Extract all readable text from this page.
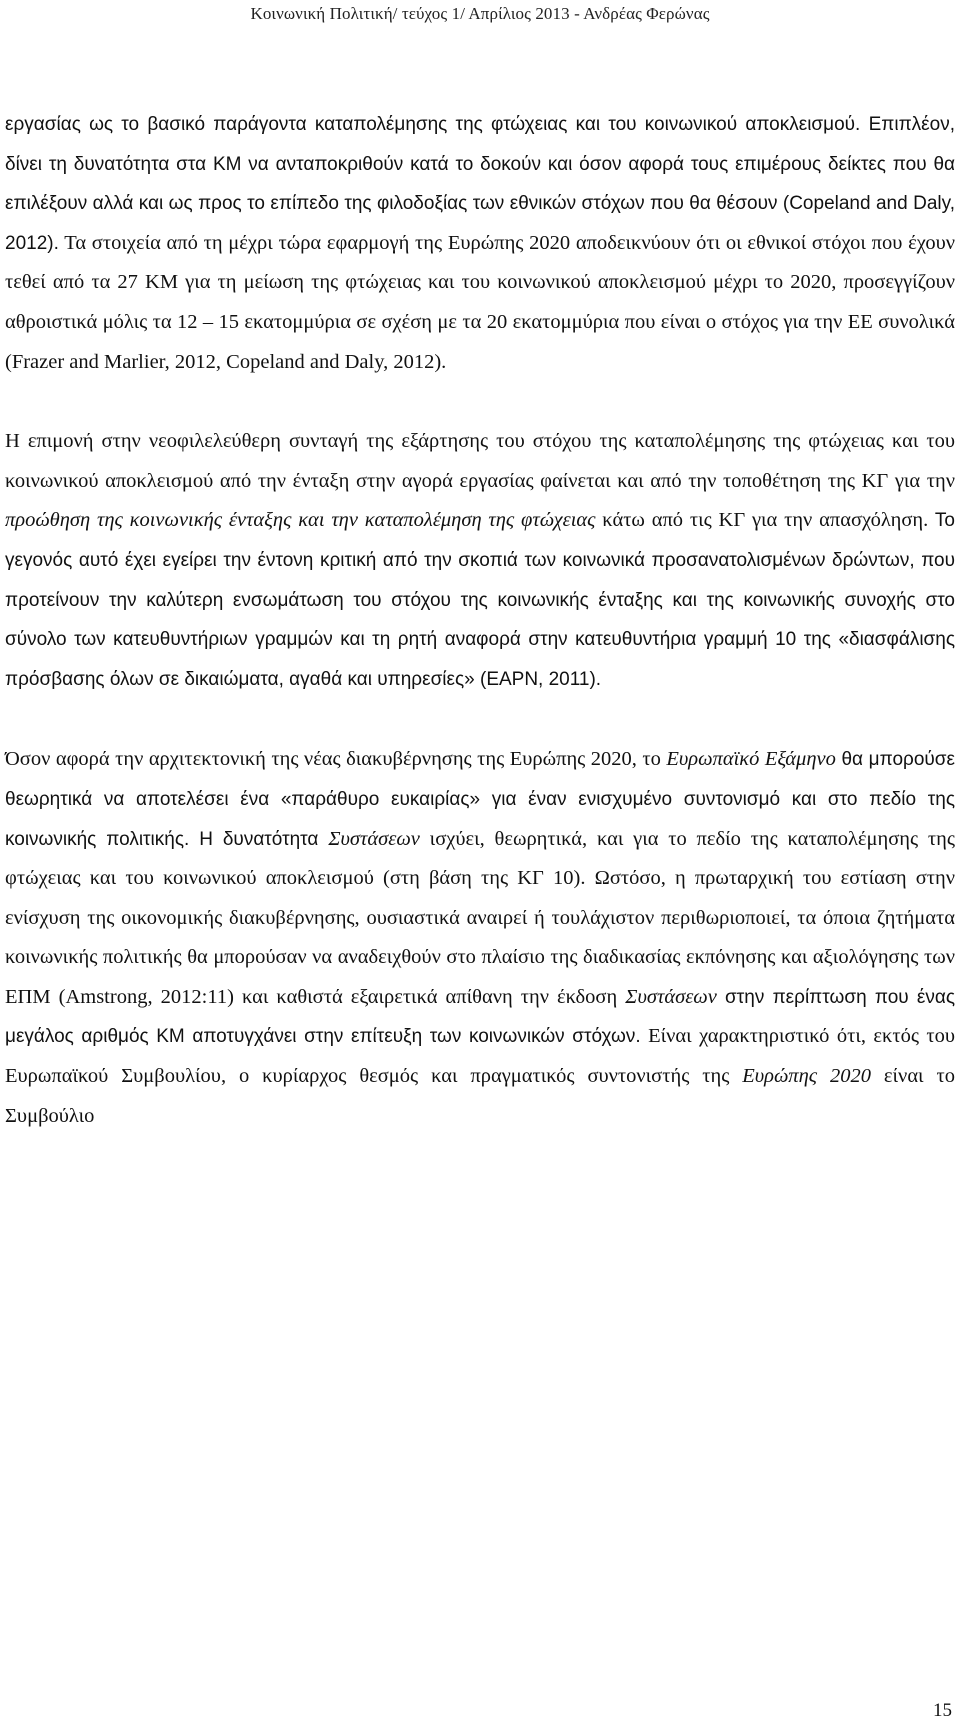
Κοινωνική Πολιτική/ τεύχος 1/ Απρίλιος 2013 - Ανδρέας Φερώνας

εργασίας ως το βασικό παράγοντα καταπολέμησης της φτώχειας και του κοινωνικού αποκλεισμού. Επιπλέον, δίνει τη δυνατότητα στα ΚΜ να ανταποκριθούν κατά το δοκούν και όσον αφορά τους επιμέρους δείκτες που θα επιλέξουν αλλά και ως προς το επίπεδο της φιλοδοξίας των εθνικών στόχων που θα θέσουν (Copeland and Daly, 2012). Τα στοιχεία από τη μέχρι τώρα εφαρμογή της Ευρώπης 2020 αποδεικνύουν ότι οι εθνικοί στόχοι που έχουν τεθεί από τα 27 ΚΜ για τη μείωση της φτώχειας και του κοινωνικού αποκλεισμού μέχρι το 2020, προσεγγίζουν αθροιστικά μόλις τα 12 – 15 εκατομμύρια σε σχέση με τα 20 εκατομμύρια που είναι ο στόχος για την ΕΕ συνολικά (Frazer and Marlier, 2012, Copeland and Daly, 2012).

Η επιμονή στην νεοφιλελεύθερη συνταγή της εξάρτησης του στόχου της καταπολέμησης της φτώχειας και του κοινωνικού αποκλεισμού από την ένταξη στην αγορά εργασίας φαίνεται και από την τοποθέτηση της ΚΓ για την προώθηση της κοινωνικής ένταξης και την καταπολέμηση της φτώχειας κάτω από τις ΚΓ για την απασχόληση. Το γεγονός αυτό έχει εγείρει την έντονη κριτική από την σκοπιά των κοινωνικά προσανατολισμένων δρώντων, που προτείνουν την καλύτερη ενσωμάτωση του στόχου της κοινωνικής ένταξης και της κοινωνικής συνοχής στο σύνολο των κατευθυντήριων γραμμών και τη ρητή αναφορά στην κατευθυντήρια γραμμή 10 της «διασφάλισης πρόσβασης όλων σε δικαιώματα, αγαθά και υπηρεσίες» (EAPN, 2011).

Όσον αφορά την αρχιτεκτονική της νέας διακυβέρνησης της Ευρώπης 2020, το Ευρωπαϊκό Εξάμηνο θα μπορούσε θεωρητικά να αποτελέσει ένα «παράθυρο ευκαιρίας» για έναν ενισχυμένο συντονισμό και στο πεδίο της κοινωνικής πολιτικής. Η δυνατότητα Συστάσεων ισχύει, θεωρητικά, και για το πεδίο της καταπολέμησης της φτώχειας και του κοινωνικού αποκλεισμού (στη βάση της ΚΓ 10). Ωστόσο, η πρωταρχική του εστίαση στην ενίσχυση της οικονομικής διακυβέρνησης, ουσιαστικά αναιρεί ή τουλάχιστον περιθωριοποιεί, τα όποια ζητήματα κοινωνικής πολιτικής θα μπορούσαν να αναδειχθούν στο πλαίσιο της διαδικασίας εκπόνησης και αξιολόγησης των ΕΠΜ (Amstrong, 2012:11) και καθιστά εξαιρετικά απίθανη την έκδοση Συστάσεων στην περίπτωση που ένας μεγάλος αριθμός ΚΜ αποτυγχάνει στην επίτευξη των κοινωνικών στόχων. Είναι χαρακτηριστικό ότι, εκτός του Ευρωπαϊκού Συμβουλίου, ο κυρίαρχος θεσμός και πραγματικός συντονιστής της Ευρώπης 2020 είναι το Συμβούλιο

15
